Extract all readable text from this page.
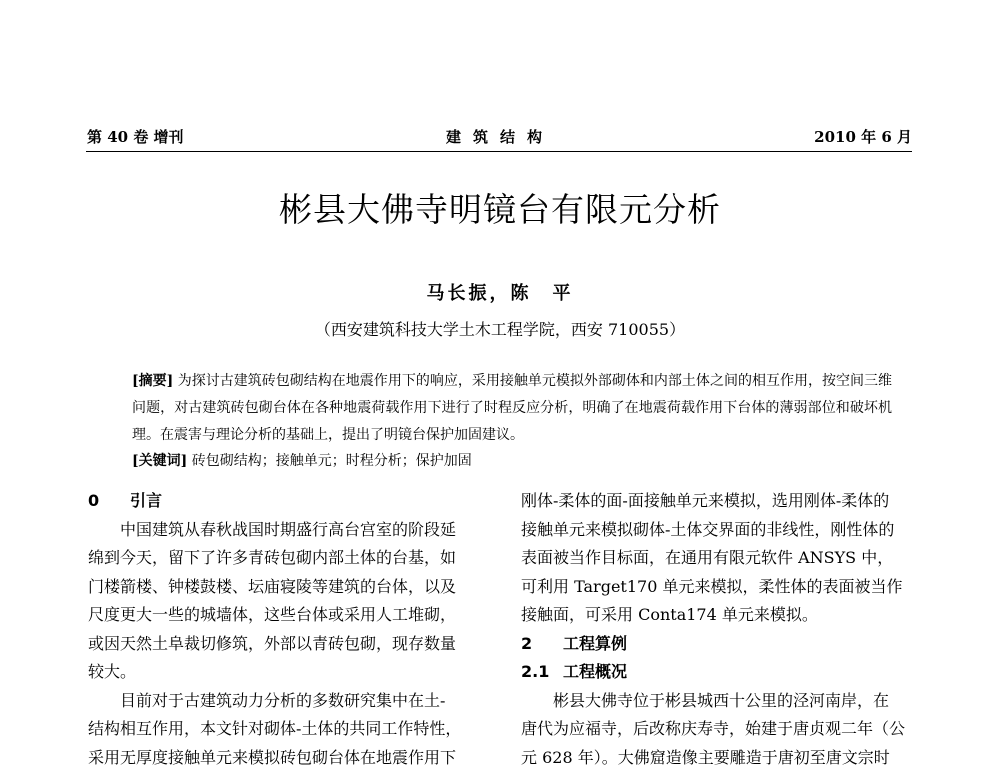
第 40 卷 增刊	建筑结构	2010 年 6 月
彬县大佛寺明镜台有限元分析
马长振，陈　平
（西安建筑科技大学土木工程学院，西安 710055）
[摘要] 为探讨古建筑砖包砌结构在地震作用下的响应，采用接触单元模拟外部砌体和内部土体之间的相互作用，按空间三维问题，对古建筑砖包砌台体在各种地震荷载作用下进行了时程反应分析，明确了在地震荷载作用下台体的薄弱部位和破坏机理。在震害与理论分析的基础上，提出了明镜台保护加固建议。
[关键词] 砖包砌结构；接触单元；时程分析；保护加固
0 引言
中国建筑从春秋战国时期盛行高台宫室的阶段延
绵到今天，留下了许多青砖包砌内部土体的台基，如
门楼箭楼、钟楼鼓楼、坛庙寝陵等建筑的台体，以及
尺度更大一些的城墙体，这些台体或采用人工堆砌，
或因天然土阜裁切修筑，外部以青砖包砌，现存数量
较大。
目前对于古建筑动力分析的多数研究集中在土-
结构相互作用，本文针对砌体-土体的共同工作特性，
采用无厚度接触单元来模拟砖包砌台体在地震作用下
刚体-柔体的面-面接触单元来模拟，选用刚体-柔体的
接触单元来模拟砌体-土体交界面的非线性，刚性体的
表面被当作目标面，在通用有限元软件 ANSYS 中，
可利用 Target170 单元来模拟，柔性体的表面被当作
接触面，可采用 Conta174 单元来模拟。
2 工程算例
2.1 工程概况
彬县大佛寺位于彬县城西十公里的泾河南岸，在
唐代为应福寺，后改称庆寿寺，始建于唐贞观二年（公
元 628 年）。大佛窟造像主要雕造于唐初至唐文宗时
